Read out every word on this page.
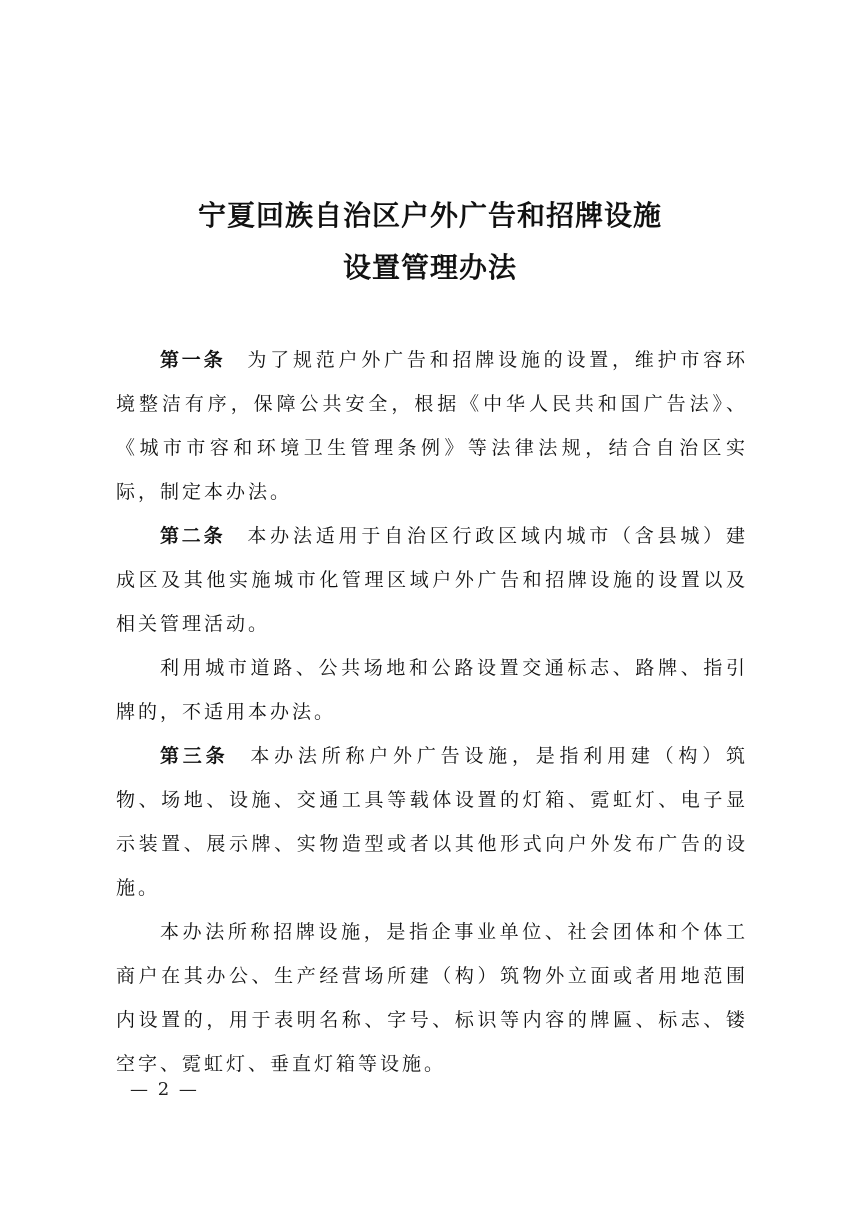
宁夏回族自治区户外广告和招牌设施
设置管理办法

第一条 为了规范户外广告和招牌设施的设置，维护市容环境整洁有序，保障公共安全，根据《中华人民共和国广告法》、《城市市容和环境卫生管理条例》等法律法规，结合自治区实际，制定本办法。

第二条 本办法适用于自治区行政区域内城市（含县城）建成区及其他实施城市化管理区域户外广告和招牌设施的设置以及相关管理活动。

利用城市道路、公共场地和公路设置交通标志、路牌、指引牌的，不适用本办法。

第三条 本办法所称户外广告设施，是指利用建（构）筑物、场地、设施、交通工具等载体设置的灯箱、霓虹灯、电子显示装置、展示牌、实物造型或者以其他形式向户外发布广告的设施。

本办法所称招牌设施，是指企事业单位、社会团体和个体工商户在其办公、生产经营场所建（构）筑物外立面或者用地范围内设置的，用于表明名称、字号、标识等内容的牌匾、标志、镂空字、霓虹灯、垂直灯箱等设施。

— 2 —
